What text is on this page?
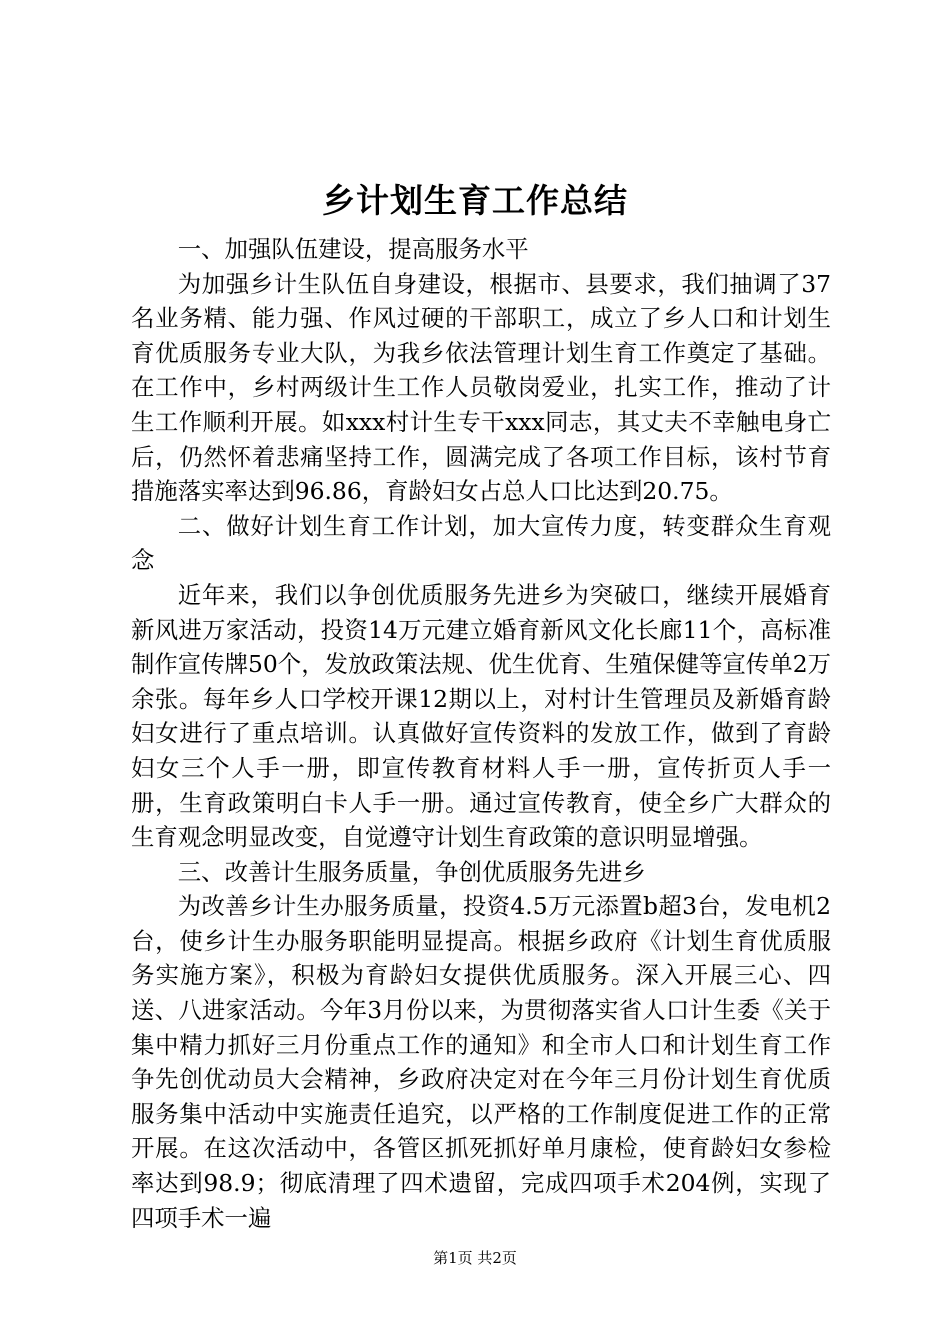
乡计划生育工作总结

一、加强队伍建设，提高服务水平

为加强乡计生队伍自身建设，根据市、县要求，我们抽调了37名业务精、能力强、作风过硬的干部职工，成立了乡人口和计划生育优质服务专业大队，为我乡依法管理计划生育工作奠定了基础。在工作中，乡村两级计生工作人员敬岗爱业，扎实工作，推动了计生工作顺利开展。如xxx村计生专干xxx同志，其丈夫不幸触电身亡后，仍然怀着悲痛坚持工作，圆满完成了各项工作目标，该村节育措施落实率达到96.86，育龄妇女占总人口比达到20.75。

二、做好计划生育工作计划，加大宣传力度，转变群众生育观念

近年来，我们以争创优质服务先进乡为突破口，继续开展婚育新风进万家活动，投资14万元建立婚育新风文化长廊11个，高标准制作宣传牌50个，发放政策法规、优生优育、生殖保健等宣传单2万余张。每年乡人口学校开课12期以上，对村计生管理员及新婚育龄妇女进行了重点培训。认真做好宣传资料的发放工作，做到了育龄妇女三个人手一册，即宣传教育材料人手一册，宣传折页人手一册，生育政策明白卡人手一册。通过宣传教育，使全乡广大群众的生育观念明显改变，自觉遵守计划生育政策的意识明显增强。

三、改善计生服务质量，争创优质服务先进乡

为改善乡计生办服务质量，投资4.5万元添置b超3台，发电机2台，使乡计生办服务职能明显提高。根据乡政府《计划生育优质服务实施方案》，积极为育龄妇女提供优质服务。深入开展三心、四送、八进家活动。今年3月份以来，为贯彻落实省人口计生委《关于集中精力抓好三月份重点工作的通知》和全市人口和计划生育工作争先创优动员大会精神，乡政府决定对在今年三月份计划生育优质服务集中活动中实施责任追究，以严格的工作制度促进工作的正常开展。在这次活动中，各管区抓死抓好单月康检，使育龄妇女参检率达到98.9；彻底清理了四术遗留，完成四项手术204例，实现了四项手术一遍

第1页 共2页
